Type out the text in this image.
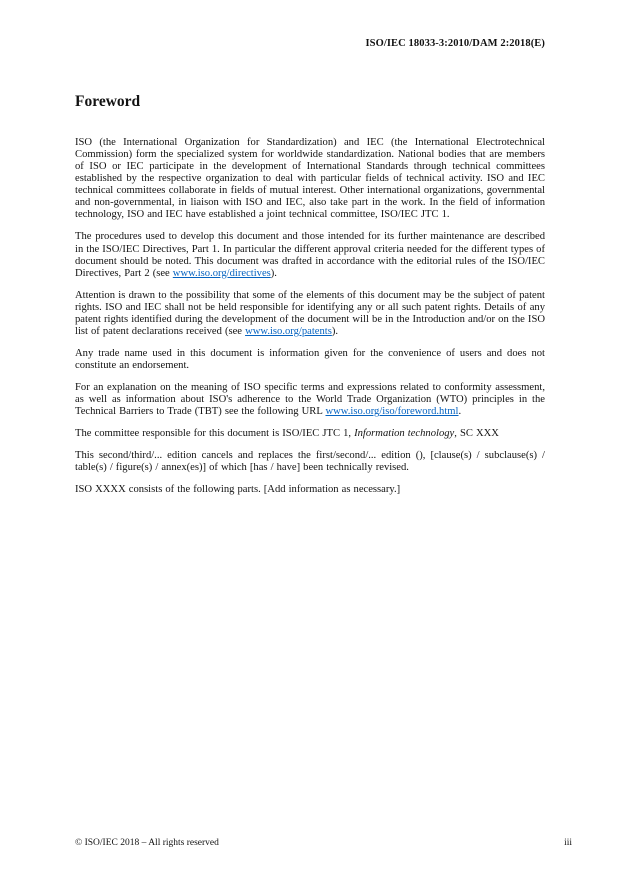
ISO/IEC 18033-3:2010/DAM 2:2018(E)
Foreword

ISO (the International Organization for Standardization) and IEC (the International Electrotechnical Commission) form the specialized system for worldwide standardization. National bodies that are members of ISO or IEC participate in the development of International Standards through technical committees established by the respective organization to deal with particular fields of technical activity. ISO and IEC technical committees collaborate in fields of mutual interest. Other international organizations, governmental and non-governmental, in liaison with ISO and IEC, also take part in the work. In the field of information technology, ISO and IEC have established a joint technical committee, ISO/IEC JTC 1.

The procedures used to develop this document and those intended for its further maintenance are described in the ISO/IEC Directives, Part 1. In particular the different approval criteria needed for the different types of document should be noted. This document was drafted in accordance with the editorial rules of the ISO/IEC Directives, Part 2 (see www.iso.org/directives).

Attention is drawn to the possibility that some of the elements of this document may be the subject of patent rights. ISO and IEC shall not be held responsible for identifying any or all such patent rights. Details of any patent rights identified during the development of the document will be in the Introduction and/or on the ISO list of patent declarations received (see www.iso.org/patents).

Any trade name used in this document is information given for the convenience of users and does not constitute an endorsement.

For an explanation on the meaning of ISO specific terms and expressions related to conformity assessment, as well as information about ISO's adherence to the World Trade Organization (WTO) principles in the Technical Barriers to Trade (TBT) see the following URL www.iso.org/iso/foreword.html.

The committee responsible for this document is ISO/IEC JTC 1, Information technology, SC XXX

This second/third/... edition cancels and replaces the first/second/... edition (), [clause(s) / subclause(s) / table(s) / figure(s) / annex(es)] of which [has / have] been technically revised.

ISO XXXX consists of the following parts. [Add information as necessary.]

© ISO/IEC 2018 – All rights reserved	iii
